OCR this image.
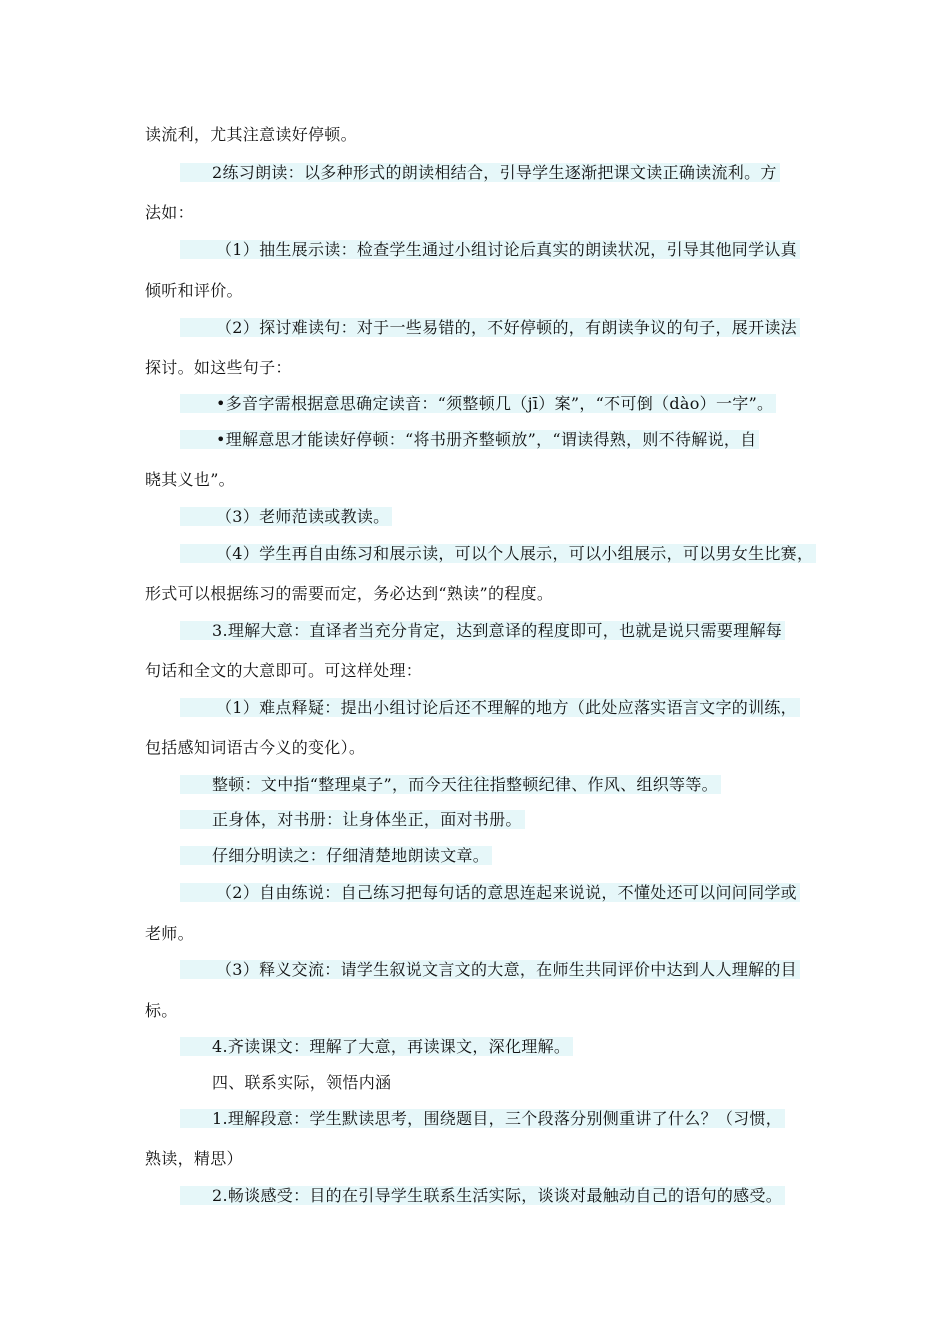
读流利，尤其注意读好停顿。
2练习朗读：以多种形式的朗读相结合，引导学生逐渐把课文读正确读流利。方
法如：
（1）抽生展示读：检查学生通过小组讨论后真实的朗读状况，引导其他同学认真
倾听和评价。
（2）探讨难读句：对于一些易错的，不好停顿的，有朗读争议的句子，展开读法
探讨。如这些句子：
•多音字需根据意思确定读音：“须整顿几（jī）案”，“不可倒（dào）一字”。
•理解意思才能读好停顿：“将书册齐整顿放”，“谓读得熟，则不待解说，自
晓其义也”。
（3）老师范读或教读。
（4）学生再自由练习和展示读，可以个人展示，可以小组展示，可以男女生比赛，
形式可以根据练习的需要而定，务必达到“熟读”的程度。
3.理解大意：直译者当充分肯定，达到意译的程度即可，也就是说只需要理解每
句话和全文的大意即可。可这样处理：
（1）难点释疑：提出小组讨论后还不理解的地方（此处应落实语言文字的训练，
包括感知词语古今义的变化）。
整顿：文中指“整理桌子”，而今天往往指整顿纪律、作风、组织等等。
正身体，对书册：让身体坐正，面对书册。
仔细分明读之：仔细清楚地朗读文章。
（2）自由练说：自己练习把每句话的意思连起来说说，不懂处还可以问问同学或
老师。
（3）释义交流：请学生叙说文言文的大意，在师生共同评价中达到人人理解的目
标。
4.齐读课文：理解了大意，再读课文，深化理解。
四、联系实际，领悟内涵
1.理解段意：学生默读思考，围绕题目，三个段落分别侧重讲了什么？（习惯，
熟读，精思）
2.畅谈感受：目的在引导学生联系生活实际，谈谈对最触动自己的语句的感受。
